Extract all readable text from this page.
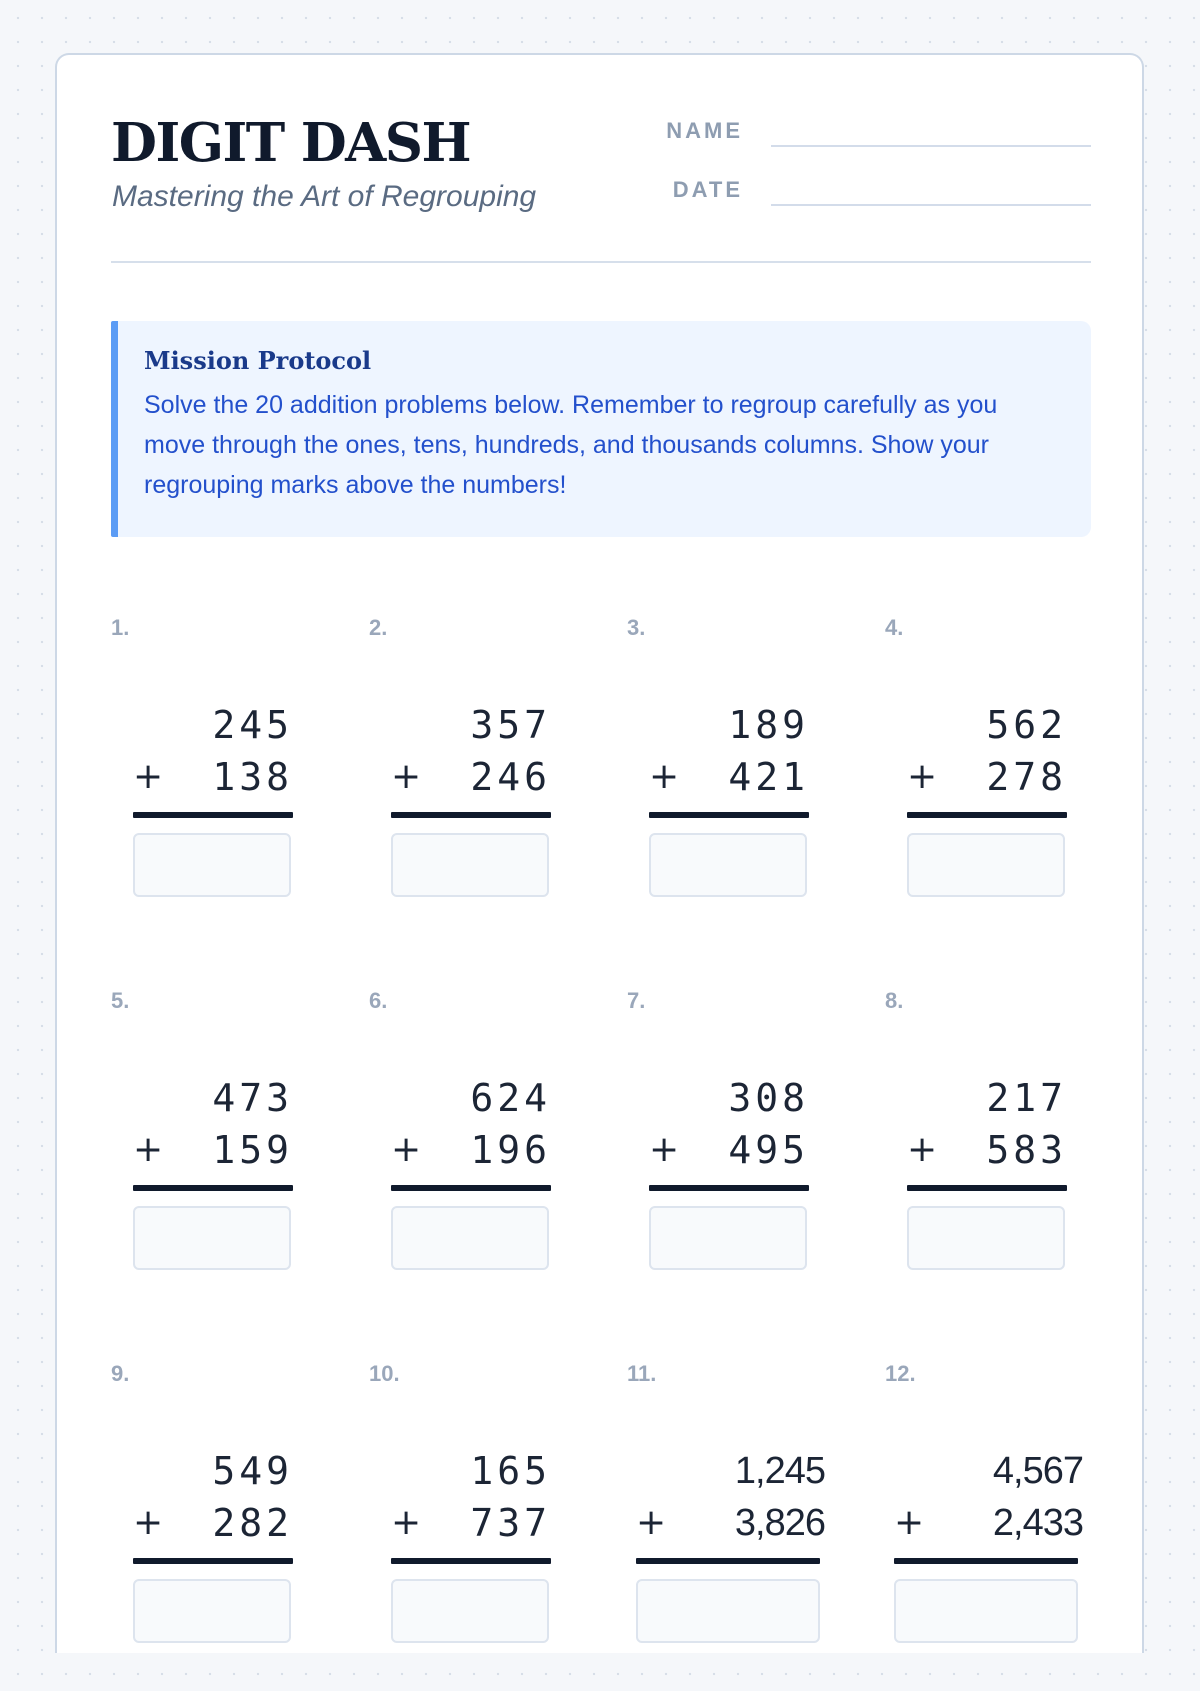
DIGIT DASH
Mastering the Art of Regrouping
NAME
DATE
Mission Protocol
Solve the 20 addition problems below. Remember to regroup carefully as you move through the ones, tens, hundreds, and thousands columns. Show your regrouping marks above the numbers!
1.
245
+ 138
2.
357
+ 246
3.
189
+ 421
4.
562
+ 278
5.
473
+ 159
6.
624
+ 196
7.
308
+ 495
8.
217
+ 583
9.
549
+ 282
10.
165
+ 737
11.
1,245
+ 3,826
12.
4,567
+ 2,433
